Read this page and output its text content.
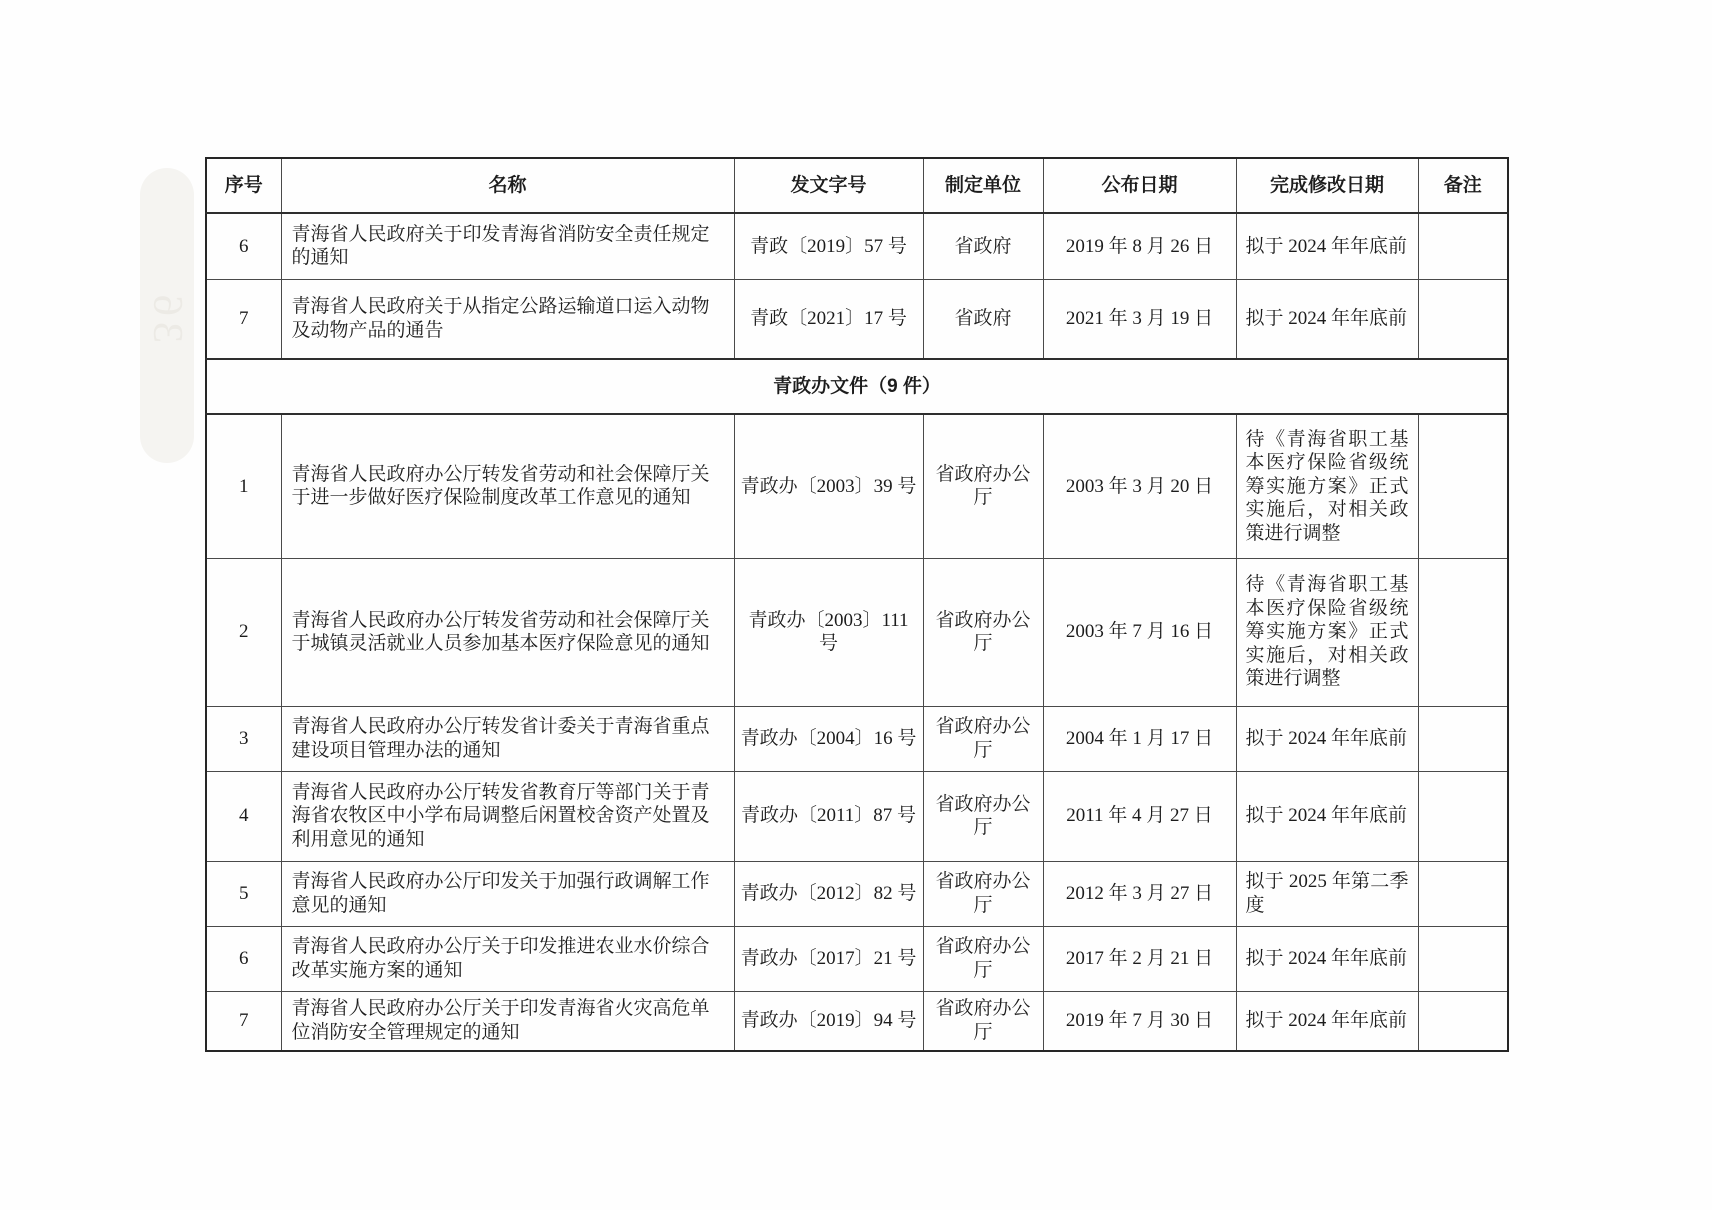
36
序号	名称	发文字号	制定单位	公布日期	完成修改日期	备注
6	青海省人民政府关于印发青海省消防安全责任规定的通知	青政〔2019〕57 号	省政府	2019 年 8 月 26 日	拟于 2024 年年底前	
7	青海省人民政府关于从指定公路运输道口运入动物及动物产品的通告	青政〔2021〕17 号	省政府	2021 年 3 月 19 日	拟于 2024 年年底前	
青政办文件（9 件）						
1	青海省人民政府办公厅转发省劳动和社会保障厅关于进一步做好医疗保险制度改革工作意见的通知	青政办〔2003〕39 号	省政府办公厅	2003 年 3 月 20 日	待《青海省职工基本医疗保险省级统筹实施方案》正式实施后，对相关政策进行调整	
2	青海省人民政府办公厅转发省劳动和社会保障厅关于城镇灵活就业人员参加基本医疗保险意见的通知	青政办〔2003〕111 号	省政府办公厅	2003 年 7 月 16 日	待《青海省职工基本医疗保险省级统筹实施方案》正式实施后，对相关政策进行调整	
3	青海省人民政府办公厅转发省计委关于青海省重点建设项目管理办法的通知	青政办〔2004〕16 号	省政府办公厅	2004 年 1 月 17 日	拟于 2024 年年底前	
4	青海省人民政府办公厅转发省教育厅等部门关于青海省农牧区中小学布局调整后闲置校舍资产处置及利用意见的通知	青政办〔2011〕87 号	省政府办公厅	2011 年 4 月 27 日	拟于 2024 年年底前	
5	青海省人民政府办公厅印发关于加强行政调解工作意见的通知	青政办〔2012〕82 号	省政府办公厅	2012 年 3 月 27 日	拟于 2025 年第二季度	
6	青海省人民政府办公厅关于印发推进农业水价综合改革实施方案的通知	青政办〔2017〕21 号	省政府办公厅	2017 年 2 月 21 日	拟于 2024 年年底前	
7	青海省人民政府办公厅关于印发青海省火灾高危单位消防安全管理规定的通知	青政办〔2019〕94 号	省政府办公厅	2019 年 7 月 30 日	拟于 2024 年年底前	
